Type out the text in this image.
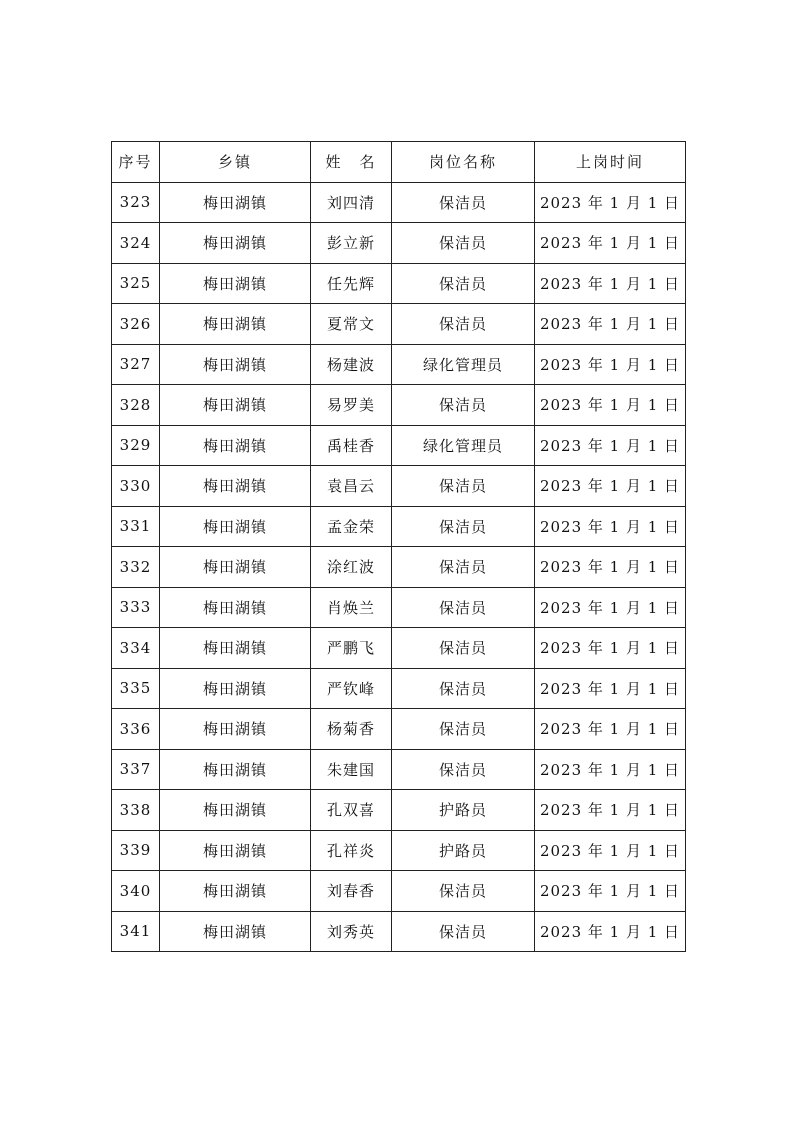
序号	乡镇	姓　名	岗位名称	上岗时间
323	梅田湖镇	刘四清	保洁员	2023 年 1 月 1 日
324	梅田湖镇	彭立新	保洁员	2023 年 1 月 1 日
325	梅田湖镇	任先辉	保洁员	2023 年 1 月 1 日
326	梅田湖镇	夏常文	保洁员	2023 年 1 月 1 日
327	梅田湖镇	杨建波	绿化管理员	2023 年 1 月 1 日
328	梅田湖镇	易罗美	保洁员	2023 年 1 月 1 日
329	梅田湖镇	禹桂香	绿化管理员	2023 年 1 月 1 日
330	梅田湖镇	袁昌云	保洁员	2023 年 1 月 1 日
331	梅田湖镇	孟金荣	保洁员	2023 年 1 月 1 日
332	梅田湖镇	涂红波	保洁员	2023 年 1 月 1 日
333	梅田湖镇	肖焕兰	保洁员	2023 年 1 月 1 日
334	梅田湖镇	严鹏飞	保洁员	2023 年 1 月 1 日
335	梅田湖镇	严钦峰	保洁员	2023 年 1 月 1 日
336	梅田湖镇	杨菊香	保洁员	2023 年 1 月 1 日
337	梅田湖镇	朱建国	保洁员	2023 年 1 月 1 日
338	梅田湖镇	孔双喜	护路员	2023 年 1 月 1 日
339	梅田湖镇	孔祥炎	护路员	2023 年 1 月 1 日
340	梅田湖镇	刘春香	保洁员	2023 年 1 月 1 日
341	梅田湖镇	刘秀英	保洁员	2023 年 1 月 1 日
